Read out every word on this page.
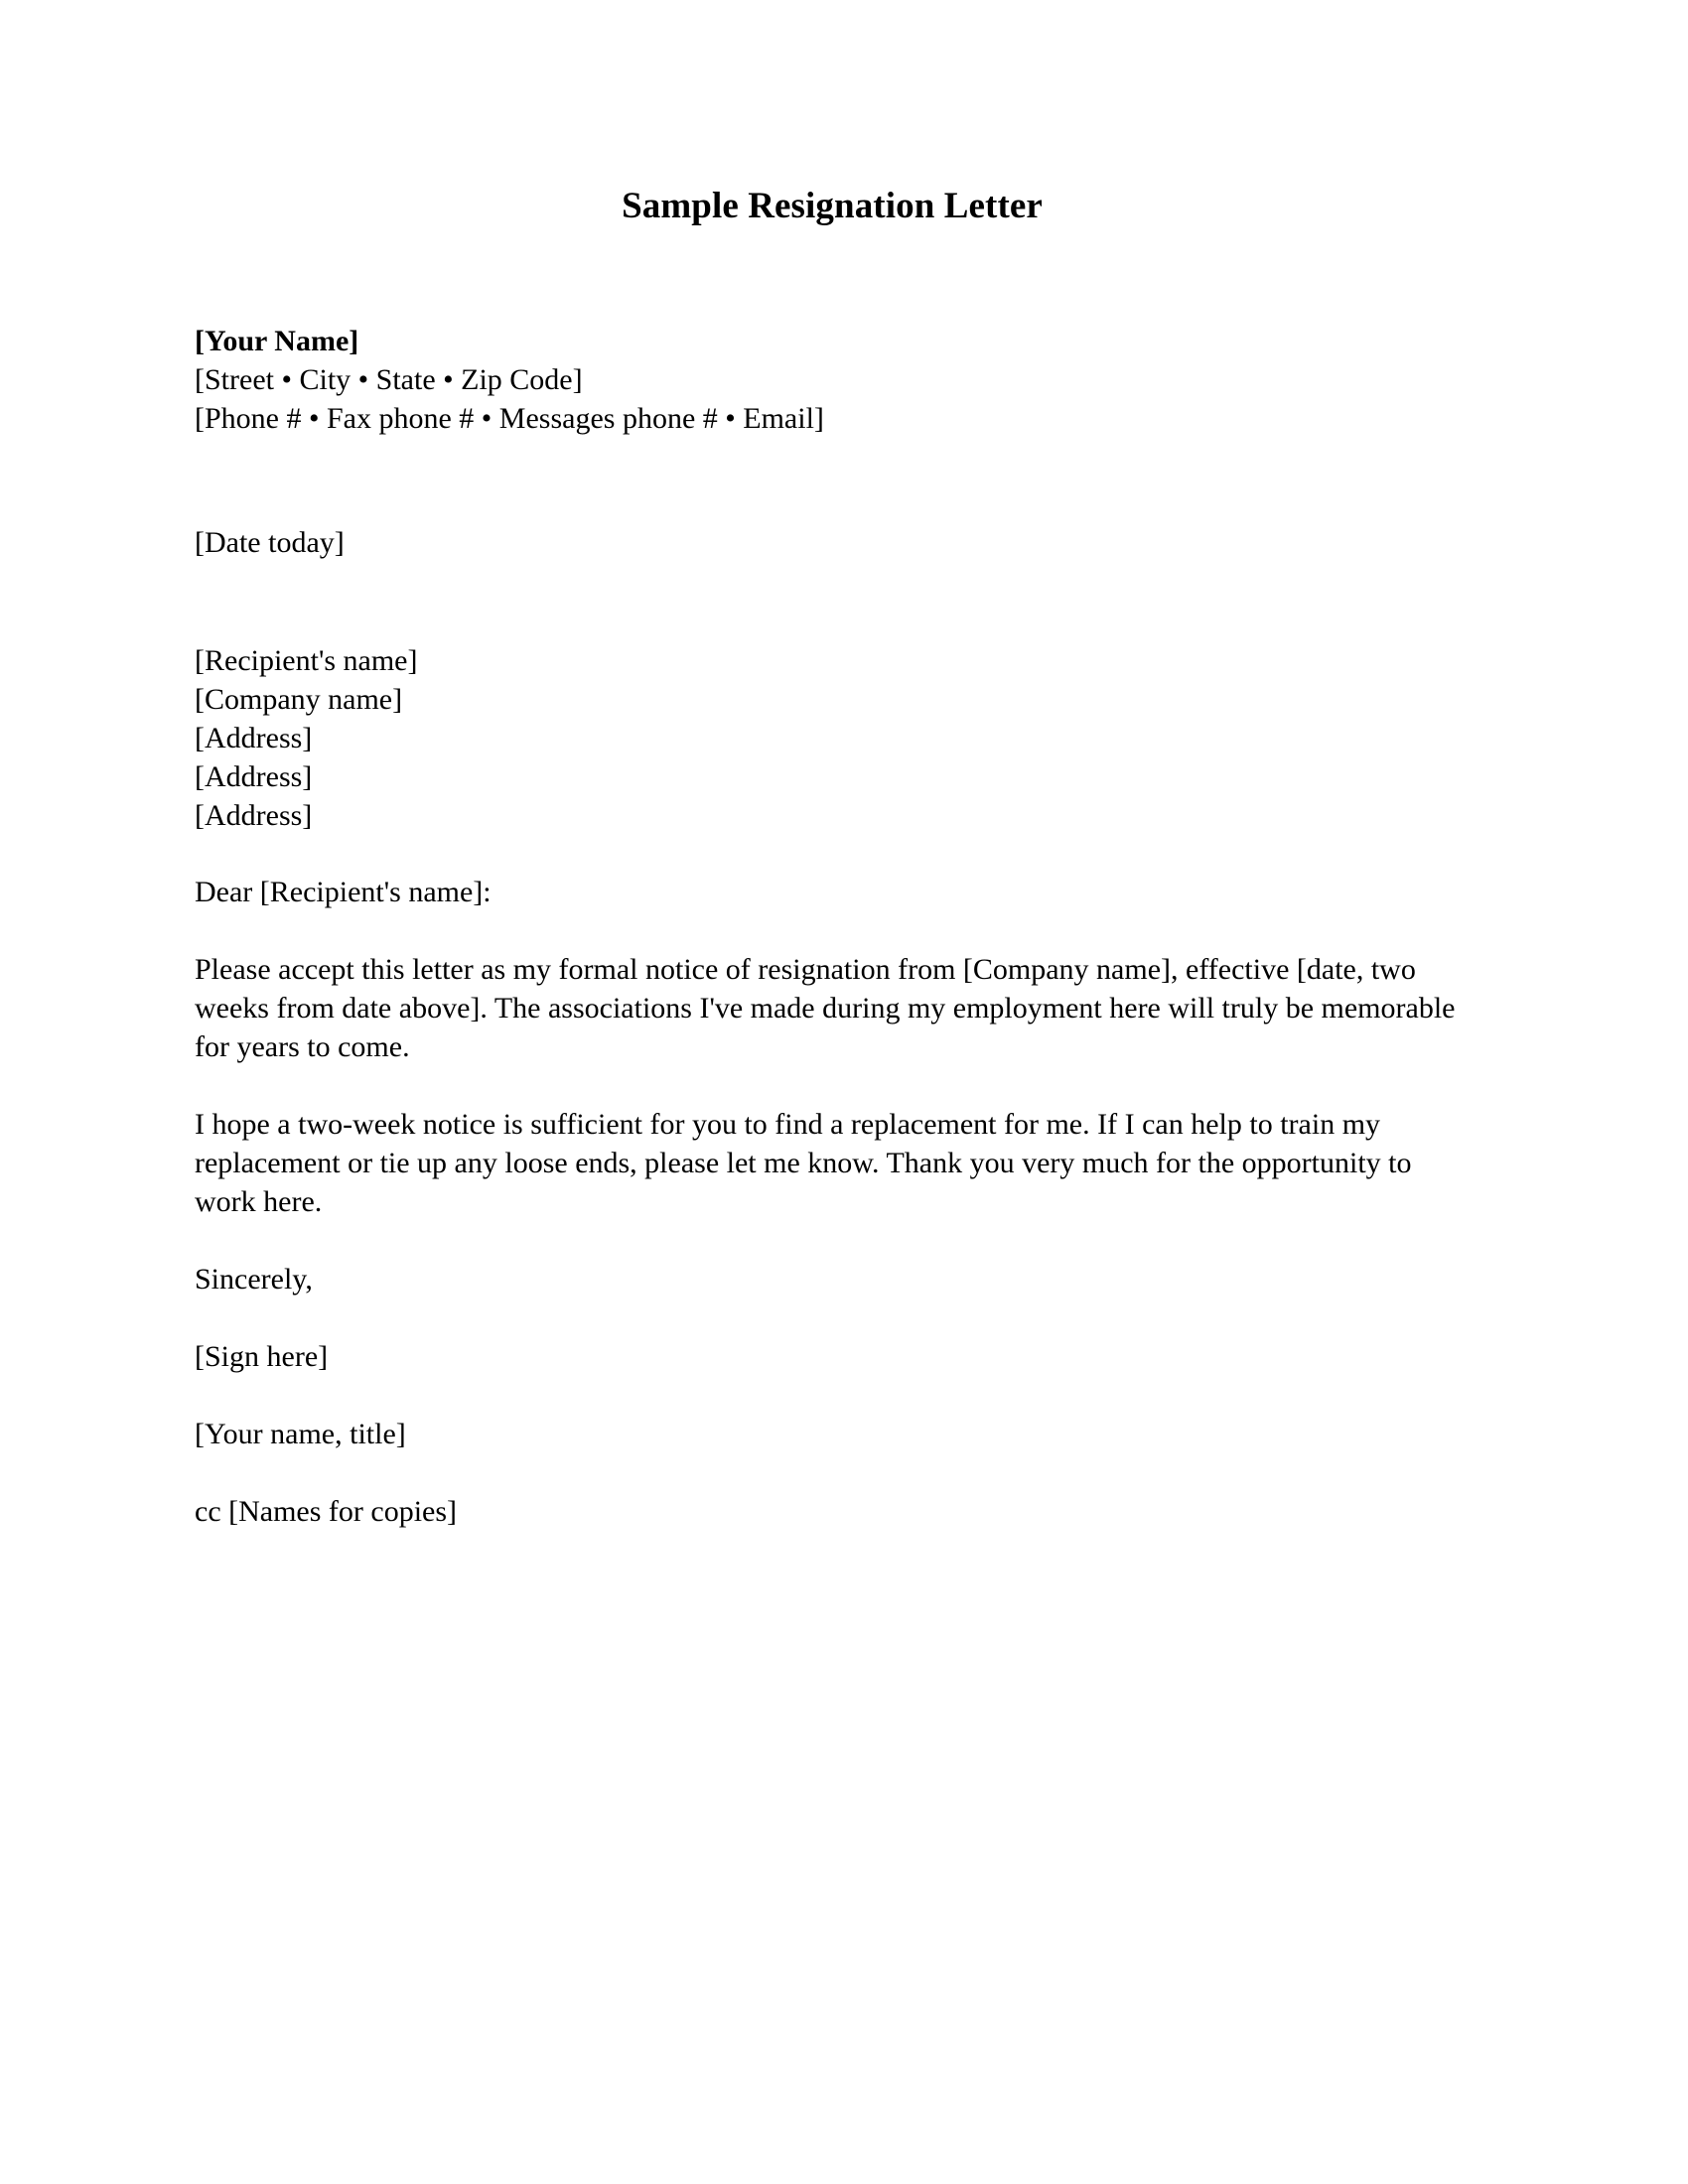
Sample Resignation Letter
[Your Name]
[Street • City • State • Zip Code]
[Phone # • Fax phone # • Messages phone # • Email]
[Date today]
[Recipient's name]
[Company name]
[Address]
[Address]
[Address]

Dear [Recipient's name]:

Please accept this letter as my formal notice of resignation from [Company name], effective [date, two weeks from date above]. The associations I've made during my employment here will truly be memorable for years to come.

I hope a two-week notice is sufficient for you to find a replacement for me. If I can help to train my replacement or tie up any loose ends, please let me know. Thank you very much for the opportunity to work here.

Sincerely,

[Sign here]

[Your name, title]

cc [Names for copies]
